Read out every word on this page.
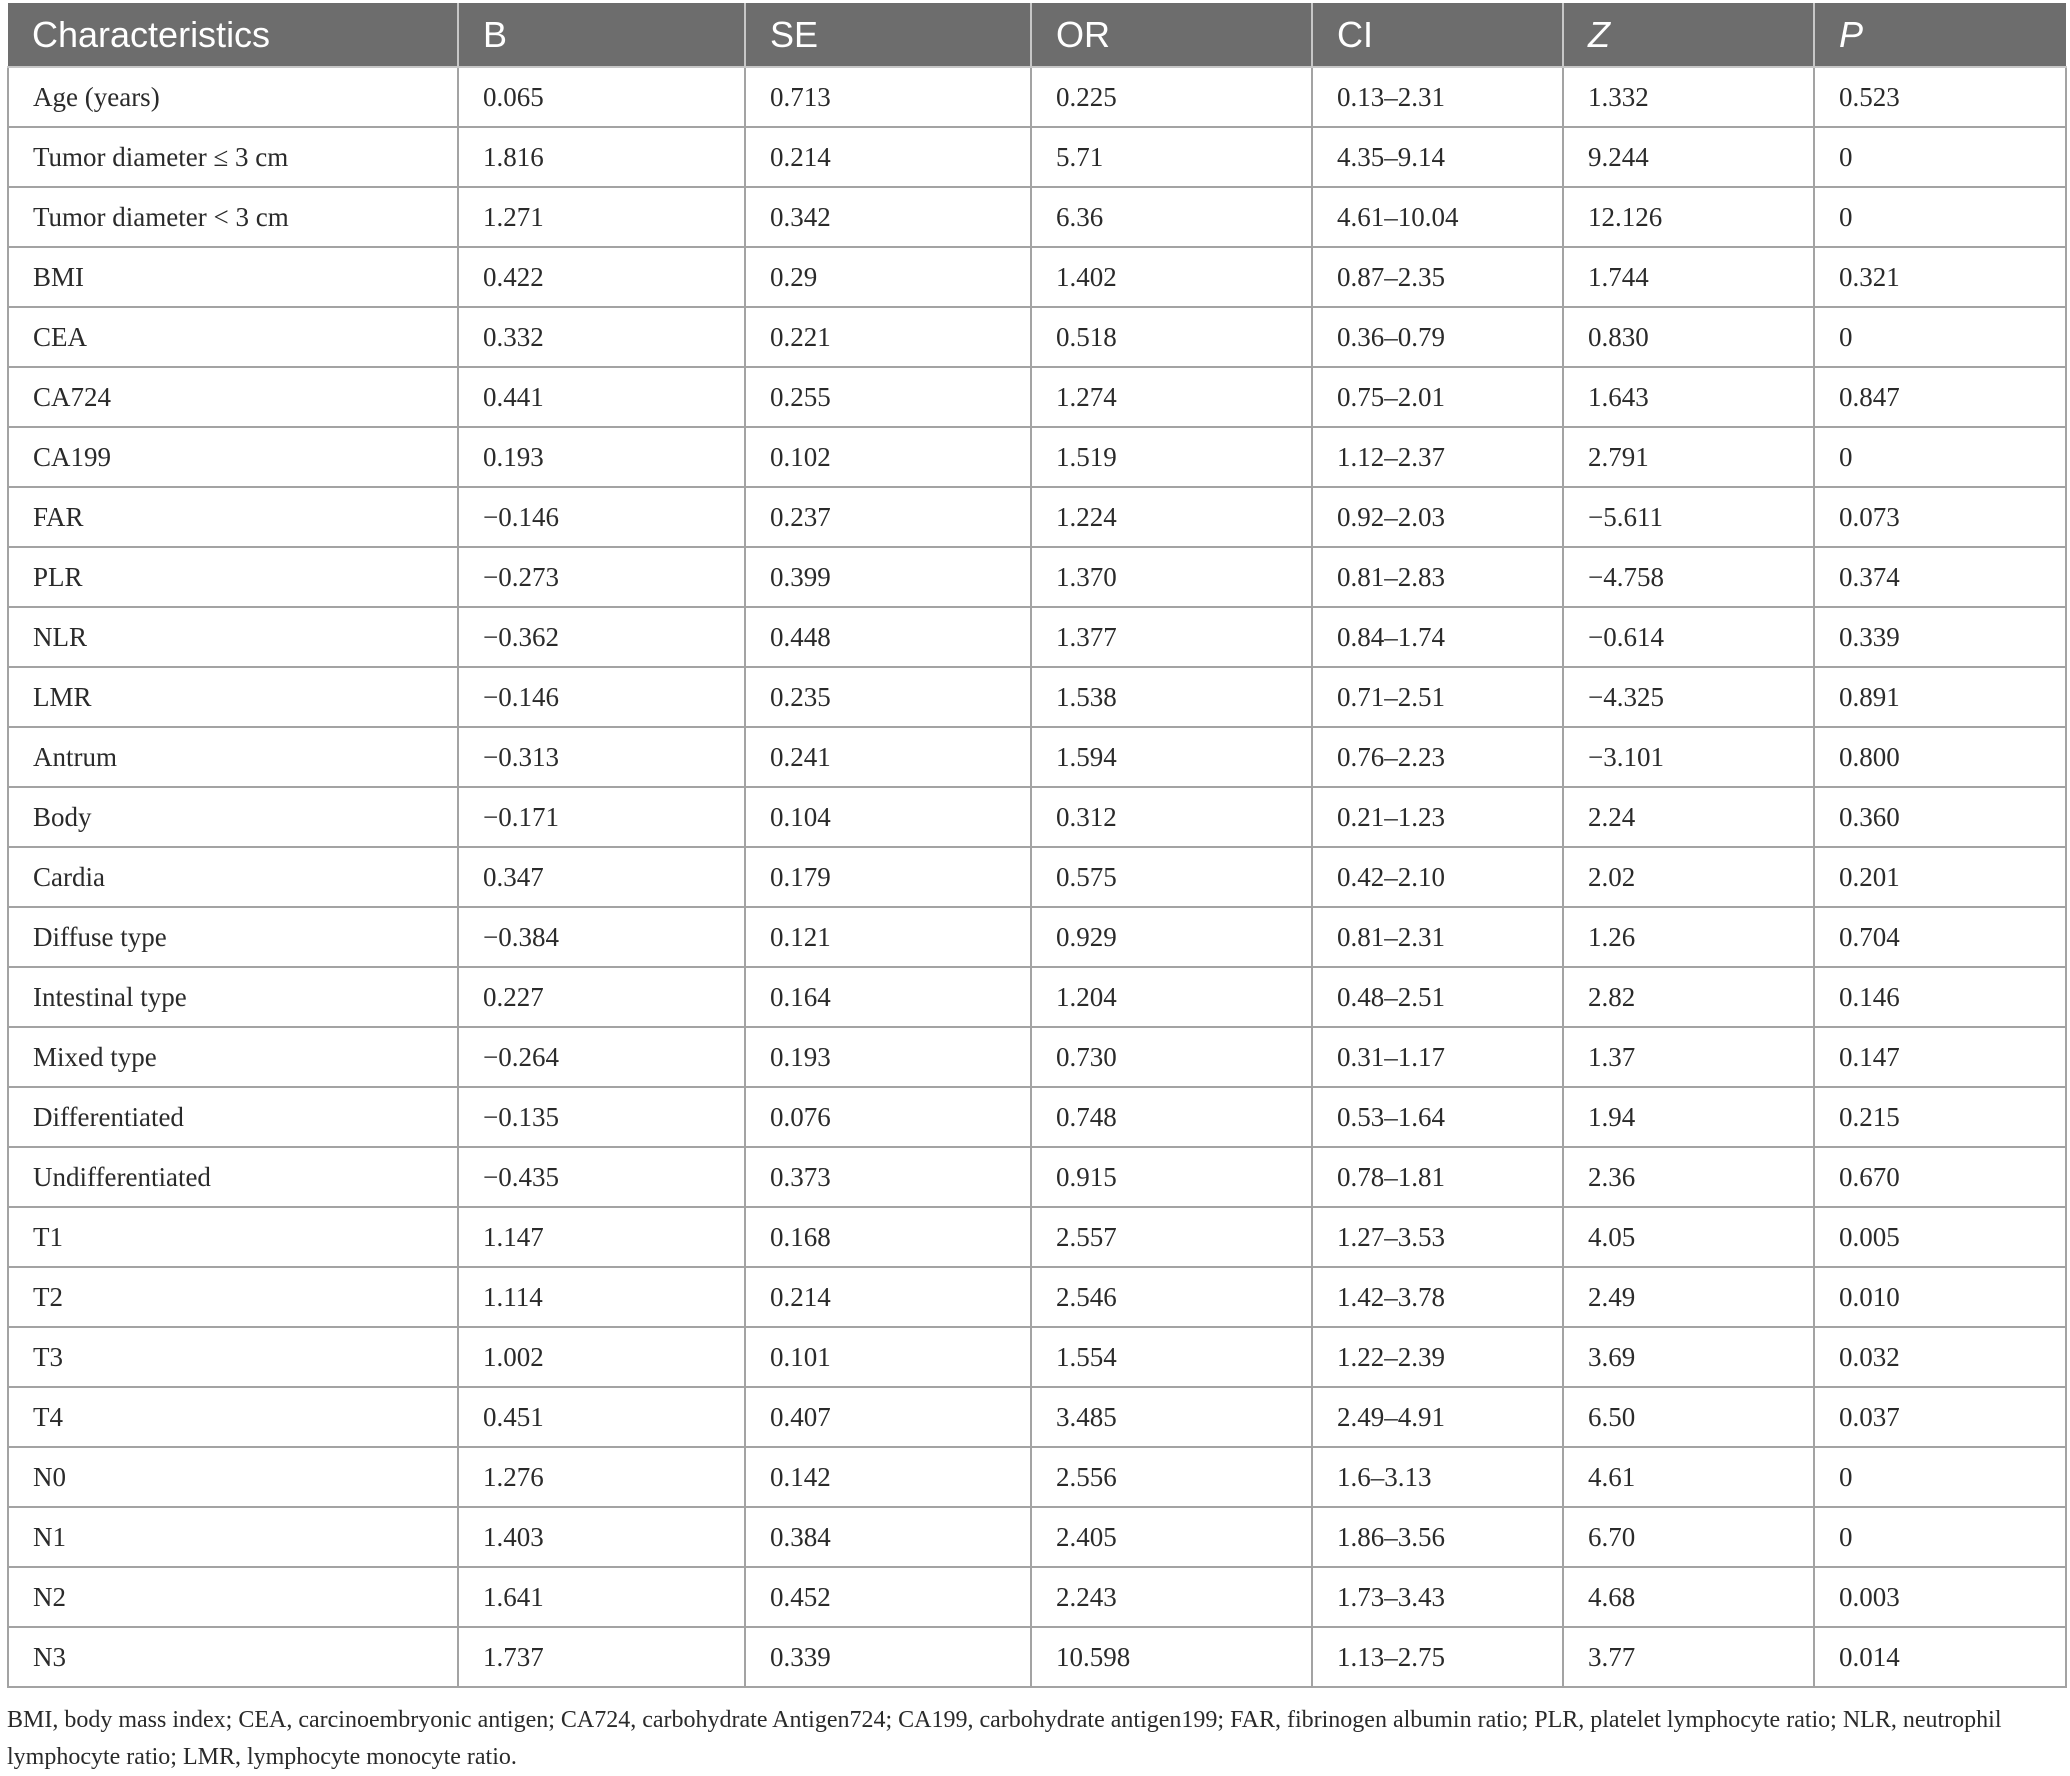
Characteristics	B	SE	OR	CI	Z	P
Age (years)	0.065	0.713	0.225	0.13–2.31	1.332	0.523
Tumor diameter ≤ 3 cm	1.816	0.214	5.71	4.35–9.14	9.244	0
Tumor diameter < 3 cm	1.271	0.342	6.36	4.61–10.04	12.126	0
BMI	0.422	0.29	1.402	0.87–2.35	1.744	0.321
CEA	0.332	0.221	0.518	0.36–0.79	0.830	0
CA724	0.441	0.255	1.274	0.75–2.01	1.643	0.847
CA199	0.193	0.102	1.519	1.12–2.37	2.791	0
FAR	−0.146	0.237	1.224	0.92–2.03	−5.611	0.073
PLR	−0.273	0.399	1.370	0.81–2.83	−4.758	0.374
NLR	−0.362	0.448	1.377	0.84–1.74	−0.614	0.339
LMR	−0.146	0.235	1.538	0.71–2.51	−4.325	0.891
Antrum	−0.313	0.241	1.594	0.76–2.23	−3.101	0.800
Body	−0.171	0.104	0.312	0.21–1.23	2.24	0.360
Cardia	0.347	0.179	0.575	0.42–2.10	2.02	0.201
Diffuse type	−0.384	0.121	0.929	0.81–2.31	1.26	0.704
Intestinal type	0.227	0.164	1.204	0.48–2.51	2.82	0.146
Mixed type	−0.264	0.193	0.730	0.31–1.17	1.37	0.147
Differentiated	−0.135	0.076	0.748	0.53–1.64	1.94	0.215
Undifferentiated	−0.435	0.373	0.915	0.78–1.81	2.36	0.670
T1	1.147	0.168	2.557	1.27–3.53	4.05	0.005
T2	1.114	0.214	2.546	1.42–3.78	2.49	0.010
T3	1.002	0.101	1.554	1.22–2.39	3.69	0.032
T4	0.451	0.407	3.485	2.49–4.91	6.50	0.037
N0	1.276	0.142	2.556	1.6–3.13	4.61	0
N1	1.403	0.384	2.405	1.86–3.56	6.70	0
N2	1.641	0.452	2.243	1.73–3.43	4.68	0.003
N3	1.737	0.339	10.598	1.13–2.75	3.77	0.014
BMI, body mass index; CEA, carcinoembryonic antigen; CA724, carbohydrate Antigen724; CA199, carbohydrate antigen199; FAR, fibrinogen albumin ratio; PLR, platelet lymphocyte ratio; NLR, neutrophil lymphocyte ratio; LMR, lymphocyte monocyte ratio.
